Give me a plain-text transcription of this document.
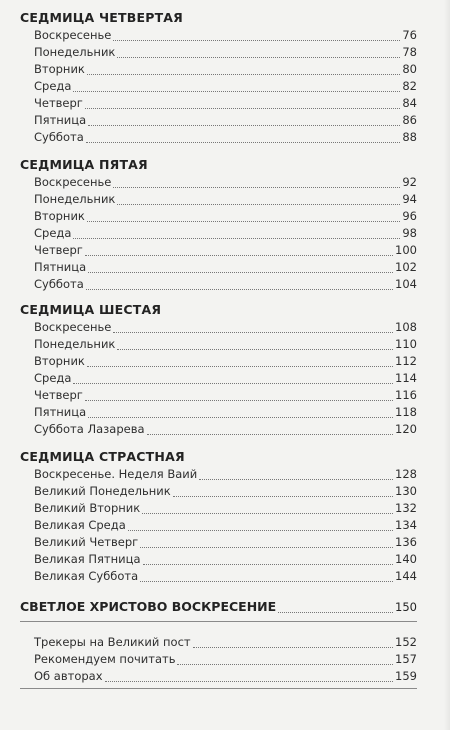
СЕДМИЦА ЧЕТВЕРТАЯ
Воскресенье	76
Понедельник	78
Вторник	80
Среда	82
Четверг	84
Пятница	86
Суббота	88
СЕДМИЦА ПЯТАЯ
Воскресенье	92
Понедельник	94
Вторник	96
Среда	98
Четверг	100
Пятница	102
Суббота	104
СЕДМИЦА ШЕСТАЯ
Воскресенье	108
Понедельник	110
Вторник	112
Среда	114
Четверг	116
Пятница	118
Суббота Лазарева	120
СЕДМИЦА СТРАСТНАЯ
Воскресенье. Неделя Ваий	128
Великий Понедельник	130
Великий Вторник	132
Великая Среда	134
Великий Четверг	136
Великая Пятница	140
Великая Суббота	144
СВЕТЛОЕ ХРИСТОВО ВОСКРЕСЕНИЕ	150
Трекеры на Великий пост	152
Рекомендуем почитать	157
Об авторах	159
